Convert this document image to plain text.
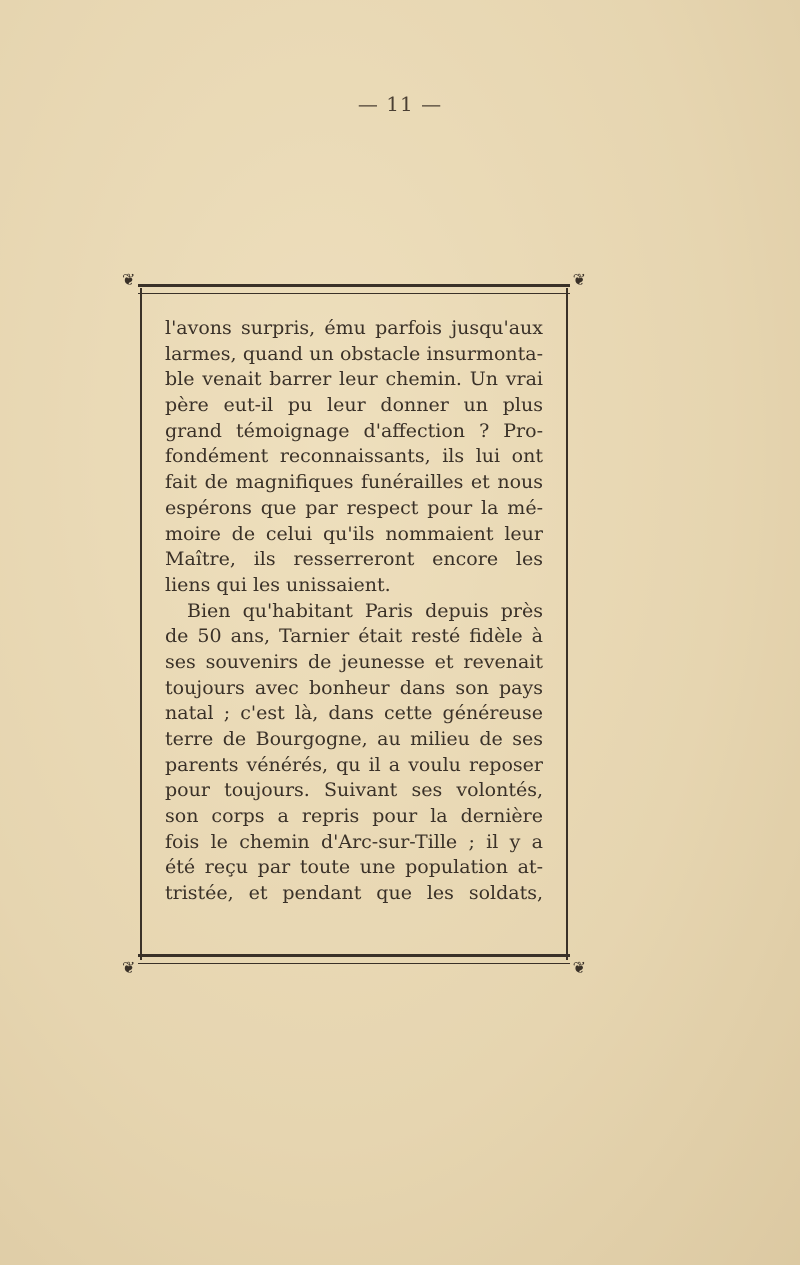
— 11 —
❦	❦
❦	❦
l'avons surpris, ému parfois jusqu'aux
larmes, quand un obstacle insurmonta-
ble venait barrer leur chemin. Un vrai
père eut-il pu leur donner un plus
grand témoignage d'affection ? Pro-
fondément reconnaissants, ils lui ont
fait de magnifiques funérailles et nous
espérons que par respect pour la mé-
moire de celui qu'ils nommaient leur
Maître, ils resserreront encore les
liens qui les unissaient.
Bien qu'habitant Paris depuis près
de 50 ans, Tarnier était resté fidèle à
ses souvenirs de jeunesse et revenait
toujours avec bonheur dans son pays
natal ; c'est là, dans cette généreuse
terre de Bourgogne, au milieu de ses
parents vénérés, qu il a voulu reposer
pour toujours. Suivant ses volontés,
son corps a repris pour la dernière
fois le chemin d'Arc-sur-Tille ; il y a
été reçu par toute une population at-
tristée, et pendant que les soldats,
